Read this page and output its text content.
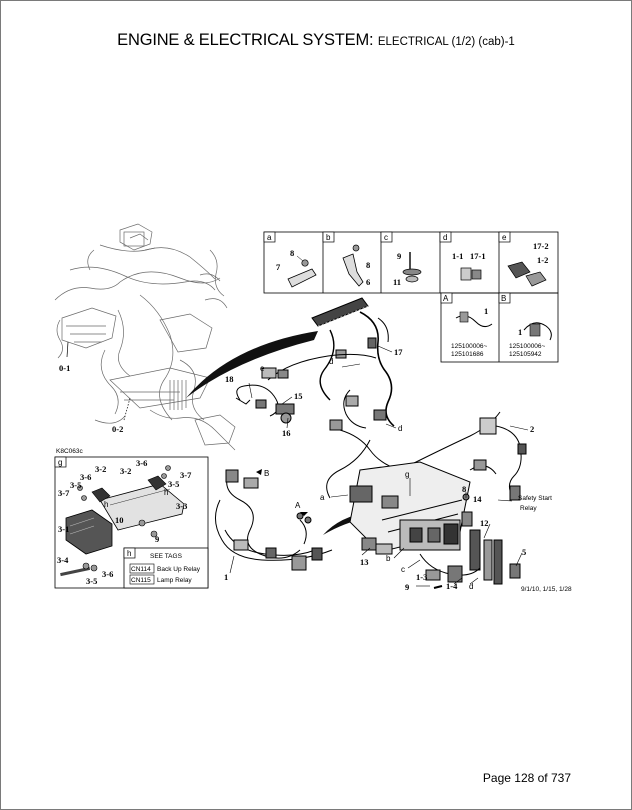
ENGINE & ELECTRICAL SYSTEM: ELECTRICAL (1/2) (cab)-1
0-1
0-2
a	b	c	d	e
8
7	8
6
9
11
1-1 17-1
17-2
1-2
A	B
1
125100006~
125101686
1
125100006~
125105942
17
18
15
16
e
d
d	2
g
8
14
12
5
13 b
c
1-3
1-4 d
9
1
a
A
B
Safety Start
Relay
9/1/10, 1/15, 1/28
K8C063c
g
3-2
3-6
3-7
3-5
3-6
3-2	3-7
3-5
h
h
3-3
10
3-1
9
3-4
3-6
3-5
h	SEE TAGS
CN114 Back Up Relay
CN115 Lamp Relay
Page 128 of 737
